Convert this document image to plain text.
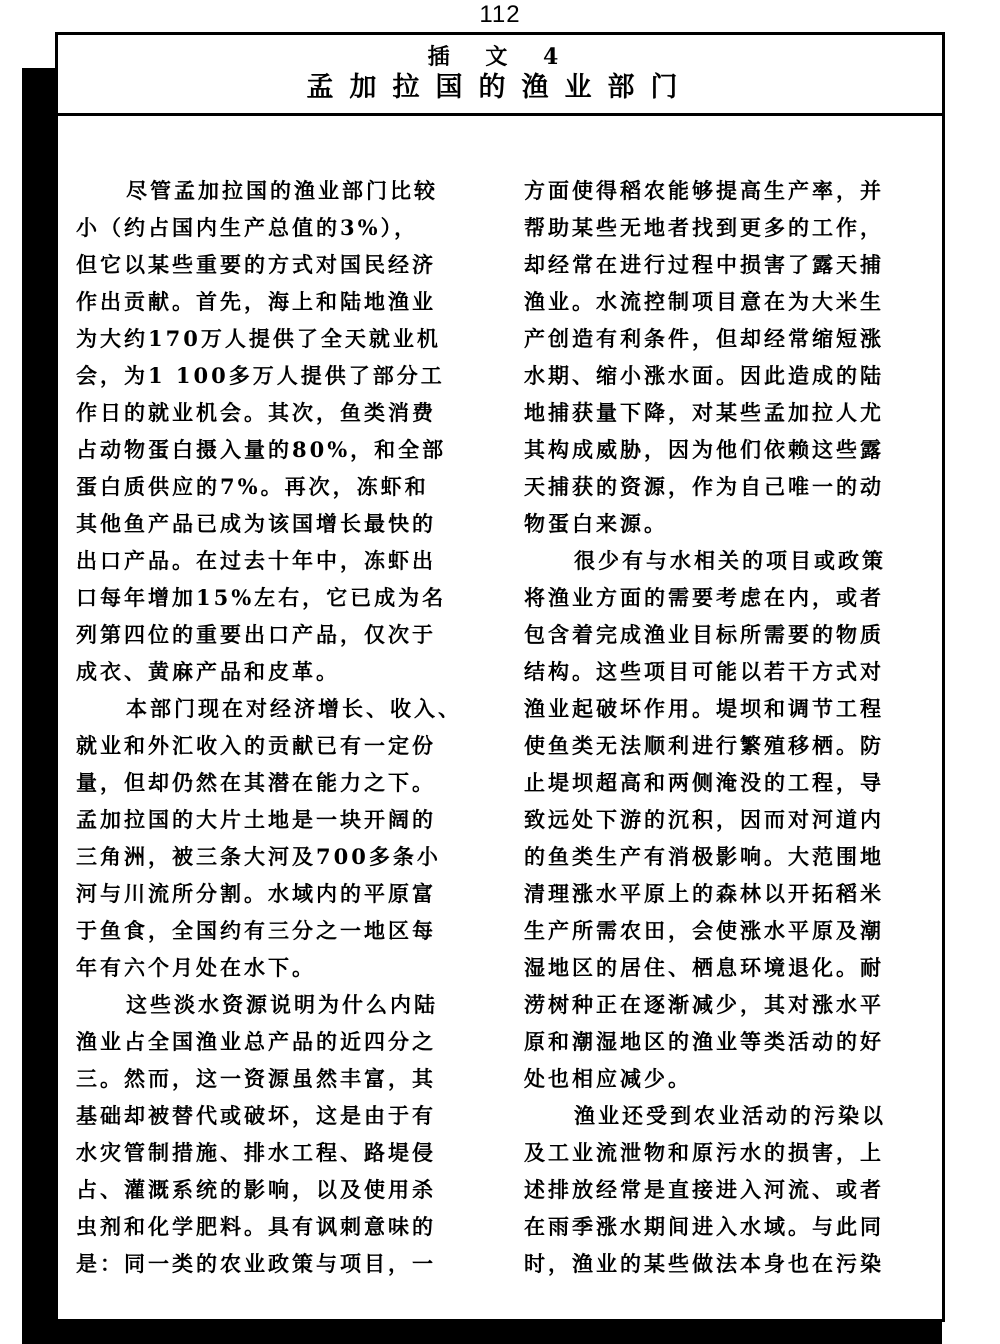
112
插 文 4
孟加拉国的渔业部门
尽管孟加拉国的渔业部门比较
小（约占国内生产总值的3%），
但它以某些重要的方式对国民经济
作出贡献。首先，海上和陆地渔业
为大约170万人提供了全天就业机
会，为1 100多万人提供了部分工
作日的就业机会。其次，鱼类消费
占动物蛋白摄入量的80%，和全部
蛋白质供应的7%。再次，冻虾和
其他鱼产品已成为该国增长最快的
出口产品。在过去十年中，冻虾出
口每年增加15%左右，它已成为名
列第四位的重要出口产品，仅次于
成衣、黄麻产品和皮革。
本部门现在对经济增长、收入、
就业和外汇收入的贡献已有一定份
量，但却仍然在其潜在能力之下。
孟加拉国的大片土地是一块开阔的
三角洲，被三条大河及700多条小
河与川流所分割。水域内的平原富
于鱼食，全国约有三分之一地区每
年有六个月处在水下。
这些淡水资源说明为什么内陆
渔业占全国渔业总产品的近四分之
三。然而，这一资源虽然丰富，其
基础却被替代或破坏，这是由于有
水灾管制措施、排水工程、路堤侵
占、灌溉系统的影响，以及使用杀
虫剂和化学肥料。具有讽刺意味的
是：同一类的农业政策与项目，一
方面使得稻农能够提高生产率，并
帮助某些无地者找到更多的工作，
却经常在进行过程中损害了露天捕
渔业。水流控制项目意在为大米生
产创造有利条件，但却经常缩短涨
水期、缩小涨水面。因此造成的陆
地捕获量下降，对某些孟加拉人尤
其构成威胁，因为他们依赖这些露
天捕获的资源，作为自己唯一的动
物蛋白来源。
很少有与水相关的项目或政策
将渔业方面的需要考虑在内，或者
包含着完成渔业目标所需要的物质
结构。这些项目可能以若干方式对
渔业起破坏作用。堤坝和调节工程
使鱼类无法顺利进行繁殖移栖。防
止堤坝超高和两侧淹没的工程，导
致远处下游的沉积，因而对河道内
的鱼类生产有消极影响。大范围地
清理涨水平原上的森林以开拓稻米
生产所需农田，会使涨水平原及潮
湿地区的居住、栖息环境退化。耐
涝树种正在逐渐减少，其对涨水平
原和潮湿地区的渔业等类活动的好
处也相应减少。
渔业还受到农业活动的污染以
及工业流泄物和原污水的损害，上
述排放经常是直接进入河流、或者
在雨季涨水期间进入水域。与此同
时，渔业的某些做法本身也在污染
